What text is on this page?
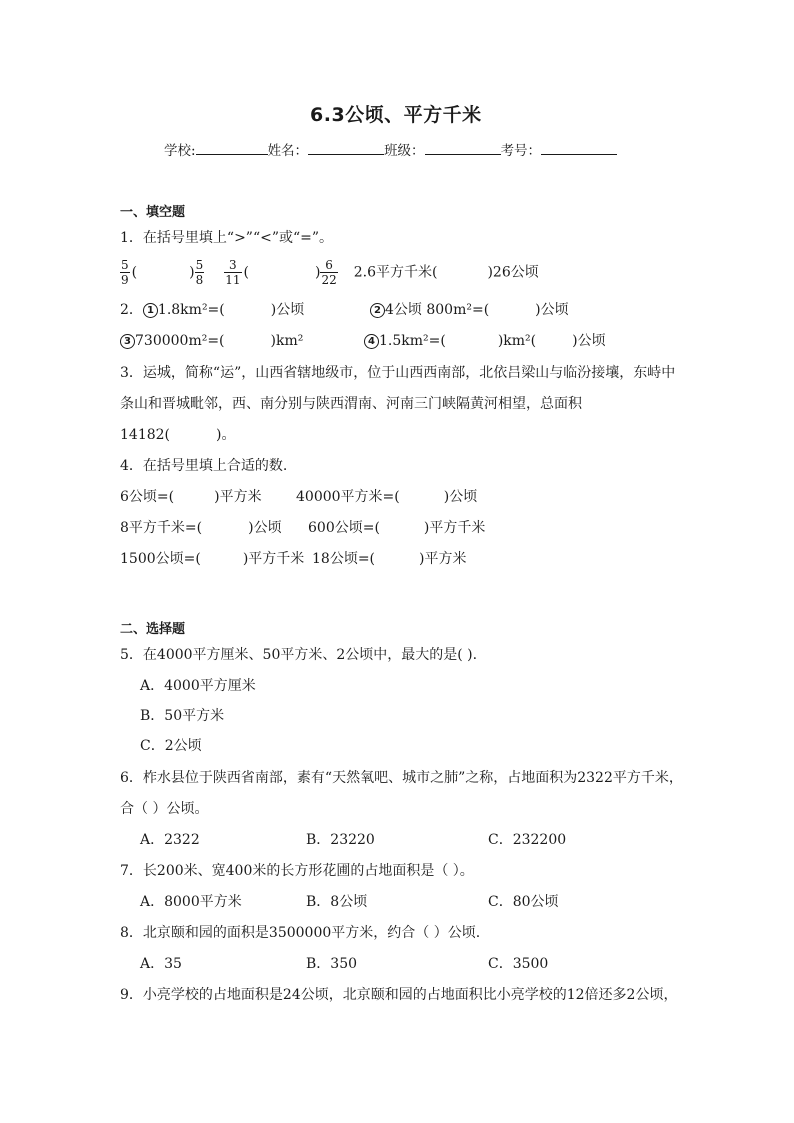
6.3公顷、平方千米
学校:	姓名：	班级：	考号：
一、填空题
1．在括号里填上“>”“<”或“=”。
$\frac{5}{9}$ (	) $\frac{5}{8} \frac{3}{11}$ (	) $\frac{6}{22} 2.6$平方千米(	)26公顷
2． 1 1.8km²=(	)公顷	2 4公顷 800m²=(	)公顷
3 730000m²=(	)km²	4 1.5km²=(	)km²(	)公顷
3．运城，简称“运”，山西省辖地级市，位于山西西南部，北依吕梁山与临汾接壤，东峙中
条山和晋城毗邻，西、南分别与陕西渭南、河南三门峡隔黄河相望，总面积
14182(	)。
4．在括号里填上合适的数.
6公顷=(	)平方米 40000平方米=(	)公顷
8平方千米=(	)公顷 600公顷=(	)平方千米
1500公顷=(	)平方千米 18公顷=(	)平方米
二、选择题
5．在4000平方厘米、50平方米、2公顷中，最大的是( ).
A．4000平方厘米
B．50平方米
C．2公顷
6．柞水县位于陕西省南部，素有“天然氧吧、城市之肺”之称，占地面积为2322平方千米，
合（ ）公顷。
A．2322	B．23220	C．232200
7．长200米、宽400米的长方形花圃的占地面积是（ ）。
A．8000平方米	B．8公顷	C．80公顷
8．北京颐和园的面积是3500000平方米，约合（ ）公顷.
A．35	B．350	C．3500
9．小亮学校的占地面积是24公顷，北京颐和园的占地面积比小亮学校的12倍还多2公顷，
